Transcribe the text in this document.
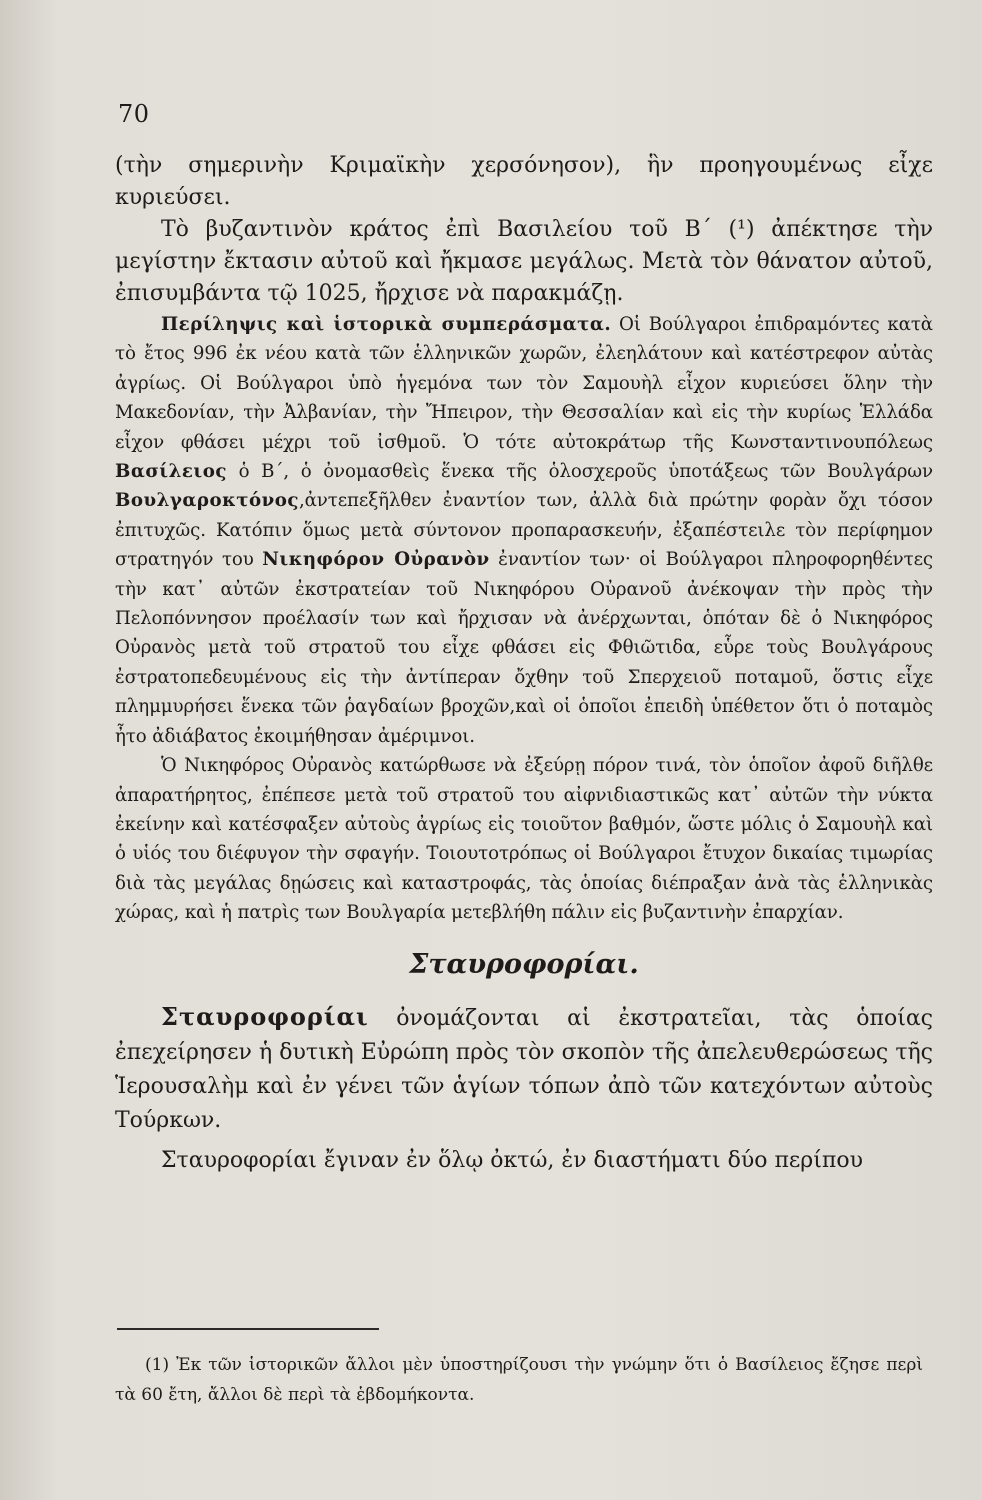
70

(τὴν σημερινὴν Κριμαϊκὴν χερσόνησον), ἣν προηγουμένως εἶχε κυριεύσει.

Τὸ βυζαντινὸν κράτος ἐπὶ Βασιλείου τοῦ Β΄ (¹) ἀπέκτησε τὴν μεγίστην ἔκτασιν αὐτοῦ καὶ ἤκμασε μεγάλως. Μετὰ τὸν θάνατον αὐτοῦ, ἐπισυμβάντα τῷ 1025, ἤρχισε νὰ παρακμάζῃ.

Περίληψις καὶ ἱστορικὰ συμπεράσματα. Οἱ Βούλγαροι ἐπιδραμόντες κατὰ τὸ ἔτος 996 ἐκ νέου κατὰ τῶν ἑλληνικῶν χωρῶν, ἐλεηλάτουν καὶ κατέστρεφον αὐτὰς ἀγρίως. Οἱ Βούλγαροι ὑπὸ ἡγεμόνα των τὸν Σαμουὴλ εἶχον κυριεύσει ὅλην τὴν Μακεδονίαν, τὴν Ἀλβανίαν, τὴν Ἤπειρον, τὴν Θεσσαλίαν καὶ εἰς τὴν κυρίως Ἑλλάδα εἶχον φθάσει μέχρι τοῦ ἰσθμοῦ. Ὁ τότε αὐτοκράτωρ τῆς Κωνσταντινουπόλεως Βασίλειος ὁ Β΄, ὁ ὀνομασθεὶς ἕνεκα τῆς ὁλοσχεροῦς ὑποτάξεως τῶν Βουλγάρων Βουλγαροκτόνος,ἀντεπεξῆλθεν ἐναντίον των, ἀλλὰ διὰ πρώτην φορὰν ὄχι τόσον ἐπιτυχῶς. Κατόπιν ὅμως μετὰ σύντονον προπαρασκευήν, ἐξαπέστειλε τὸν περίφημον στρατηγόν του Νικηφόρον Οὐρανὸν ἐναντίον των· οἱ Βούλγαροι πληροφορηθέντες τὴν κατ᾽ αὐτῶν ἐκστρατείαν τοῦ Νικηφόρου Οὐρανοῦ ἀνέκοψαν τὴν πρὸς τὴν Πελοπόννησον προέλασίν των καὶ ἤρχισαν νὰ ἀνέρχωνται, ὁπόταν δὲ ὁ Νικηφόρος Οὐρανὸς μετὰ τοῦ στρατοῦ του εἶχε φθάσει εἰς Φθιῶτιδα, εὗρε τοὺς Βουλγάρους ἐστρατοπεδευμένους εἰς τὴν ἀντίπεραν ὄχθην τοῦ Σπερχειοῦ ποταμοῦ, ὅστις εἶχε πλημμυρήσει ἕνεκα τῶν ῥαγδαίων βροχῶν,καὶ οἱ ὁποῖοι ἐπειδὴ ὑπέθετον ὅτι ὁ ποταμὸς ἦτο ἀδιάβατος ἐκοιμήθησαν ἀμέριμνοι.

Ὁ Νικηφόρος Οὐρανὸς κατώρθωσε νὰ ἐξεύρῃ πόρον τινά, τὸν ὁποῖον ἀφοῦ διῆλθε ἀπαρατήρητος, ἐπέπεσε μετὰ τοῦ στρατοῦ του αἰφνιδιαστικῶς κατ᾽ αὐτῶν τὴν νύκτα ἐκείνην καὶ κατέσφαξεν αὐτοὺς ἀγρίως εἰς τοιοῦτον βαθμόν, ὥστε μόλις ὁ Σαμουὴλ καὶ ὁ υἱός του διέφυγον τὴν σφαγήν. Τοιουτοτρόπως οἱ Βούλγαροι ἔτυχον δικαίας τιμωρίας διὰ τὰς μεγάλας δῃώσεις καὶ καταστροφάς, τὰς ὁποίας διέπραξαν ἀνὰ τὰς ἑλληνικὰς χώρας, καὶ ἡ πατρὶς των Βουλγαρία μετεβλήθη πάλιν εἰς βυζαντινὴν ἐπαρχίαν.

Σταυροφορίαι.

Σταυροφορίαι ὀνομάζονται αἱ ἐκστρατεῖαι, τὰς ὁποίας ἐπεχείρησεν ἡ δυτικὴ Εὐρώπη πρὸς τὸν σκοπὸν τῆς ἀπελευθερώσεως τῆς Ἱερουσαλὴμ καὶ ἐν γένει τῶν ἁγίων τόπων ἀπὸ τῶν κατεχόντων αὐτοὺς Τούρκων.

Σταυροφορίαι ἔγιναν ἐν ὅλῳ ὀκτώ, ἐν διαστήματι δύο περίπου

(1) Ἐκ τῶν ἱστορικῶν ἄλλοι μὲν ὑποστηρίζουσι τὴν γνώμην ὅτι ὁ Βασίλειος ἔζησε περὶ τὰ 60 ἔτη, ἄλλοι δὲ περὶ τὰ ἑβδομήκοντα.
